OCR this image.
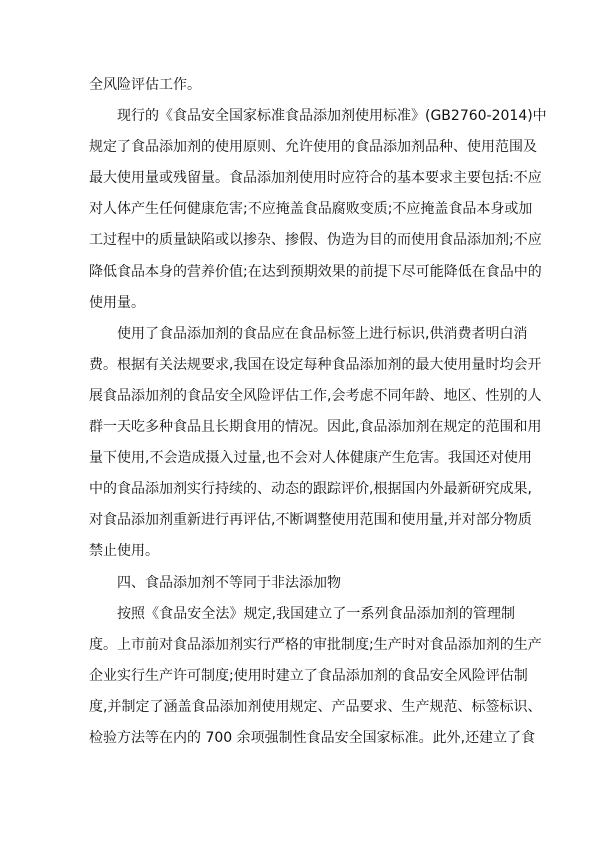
全风险评估工作。

现行的《食品安全国家标准食品添加剂使用标准》(GB2760-2014)中
规定了食品添加剂的使用原则、允许使用的食品添加剂品种、使用范围及
最大使用量或残留量。食品添加剂使用时应符合的基本要求主要包括:不应
对人体产生任何健康危害;不应掩盖食品腐败变质;不应掩盖食品本身或加
工过程中的质量缺陷或以掺杂、掺假、伪造为目的而使用食品添加剂;不应
降低食品本身的营养价值;在达到预期效果的前提下尽可能降低在食品中的
使用量。

使用了食品添加剂的食品应在食品标签上进行标识,供消费者明白消
费。根据有关法规要求,我国在设定每种食品添加剂的最大使用量时均会开
展食品添加剂的食品安全风险评估工作,会考虑不同年龄、地区、性别的人
群一天吃多种食品且长期食用的情况。因此,食品添加剂在规定的范围和用
量下使用,不会造成摄入过量,也不会对人体健康产生危害。我国还对使用
中的食品添加剂实行持续的、动态的跟踪评价,根据国内外最新研究成果,
对食品添加剂重新进行再评估,不断调整使用范围和使用量,并对部分物质
禁止使用。

四、食品添加剂不等同于非法添加物

按照《食品安全法》规定,我国建立了一系列食品添加剂的管理制
度。上市前对食品添加剂实行严格的审批制度;生产时对食品添加剂的生产
企业实行生产许可制度;使用时建立了食品添加剂的食品安全风险评估制
度,并制定了涵盖食品添加剂使用规定、产品要求、生产规范、标签标识、
检验方法等在内的 700 余项强制性食品安全国家标准。此外,还建立了食
